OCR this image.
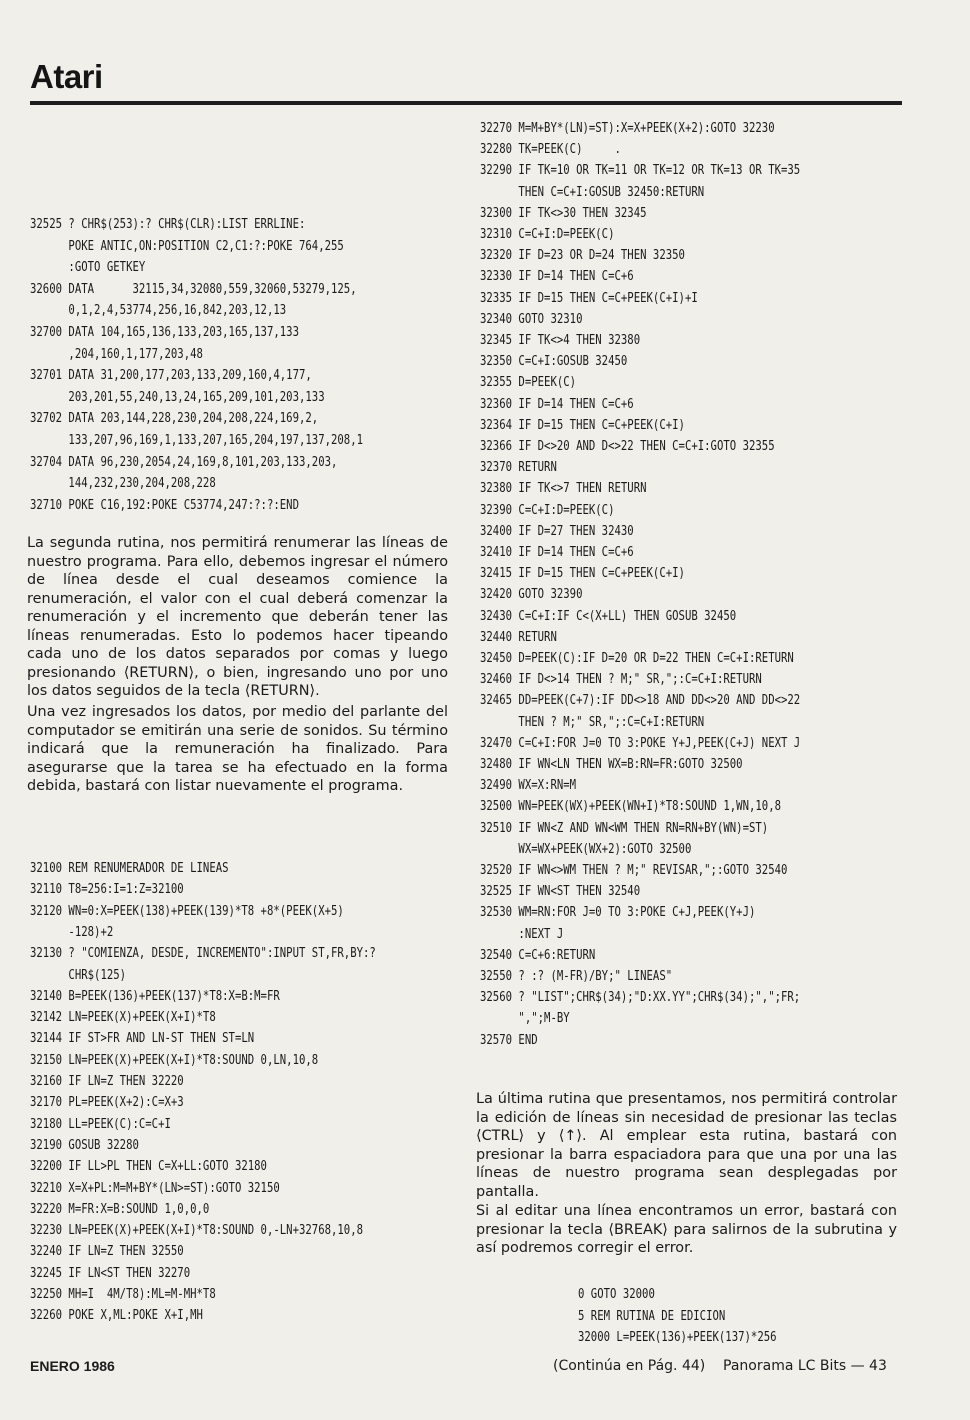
Atari
32525 ? CHR$(253):? CHR$(CLR):LIST ERRLINE:
POKE ANTIC,ON:POSITION C2,C1:?:POKE 764,255
:GOTO GETKEY
32600 DATA      32115,34,32080,559,32060,53279,125,
0,1,2,4,53774,256,16,842,203,12,13
32700 DATA 104,165,136,133,203,165,137,133
,204,160,1,177,203,48
32701 DATA 31,200,177,203,133,209,160,4,177,
203,201,55,240,13,24,165,209,101,203,133
32702 DATA 203,144,228,230,204,208,224,169,2,
133,207,96,169,1,133,207,165,204,197,137,208,1
32704 DATA 96,230,2054,24,169,8,101,203,133,203,
144,232,230,204,208,228
32710 POKE C16,192:POKE C53774,247:?:?:END

La segunda rutina, nos permitirá renumerar las líneas de nuestro programa. Para ello, debemos ingresar el número de línea desde el cual deseamos comience la renumeración, el valor con el cual deberá comenzar la renumeración y el incremento que deberán tener las líneas renumeradas. Esto lo podemos hacer tipeando cada uno de los datos separados por comas y luego presionando ⟨RETURN⟩, o bien, ingresando uno por uno los datos seguidos de la tecla ⟨RETURN⟩.

Una vez ingresados los datos, por medio del parlante del computador se emitirán una serie de sonidos. Su término indicará que la remuneración ha finalizado. Para asegurarse que la tarea se ha efectuado en la forma debida, bastará con listar nuevamente el programa.

32100 REM RENUMERADOR DE LINEAS
32110 T8=256:I=1:Z=32100
32120 WN=0:X=PEEK(138)+PEEK(139)*T8 +8*(PEEK(X+5)
-128)+2
32130 ? "COMIENZA, DESDE, INCREMENTO":INPUT ST,FR,BY:?
CHR$(125)
32140 B=PEEK(136)+PEEK(137)*T8:X=B:M=FR
32142 LN=PEEK(X)+PEEK(X+I)*T8
32144 IF ST>FR AND LN-ST THEN ST=LN
32150 LN=PEEK(X)+PEEK(X+I)*T8:SOUND 0,LN,10,8
32160 IF LN=Z THEN 32220
32170 PL=PEEK(X+2):C=X+3
32180 LL=PEEK(C):C=C+I
32190 GOSUB 32280
32200 IF LL>PL THEN C=X+LL:GOTO 32180
32210 X=X+PL:M=M+BY*(LN>=ST):GOTO 32150
32220 M=FR:X=B:SOUND 1,0,0,0
32230 LN=PEEK(X)+PEEK(X+I)*T8:SOUND 0,-LN+32768,10,8
32240 IF LN=Z THEN 32550
32245 IF LN<ST THEN 32270
32250 MH=I  4M/T8):ML=M-MH*T8
32260 POKE X,ML:POKE X+I,MH
32270 M=M+BY*(LN)=ST):X=X+PEEK(X+2):GOTO 32230
32280 TK=PEEK(C)     .
32290 IF TK=10 OR TK=11 OR TK=12 OR TK=13 OR TK=35
THEN C=C+I:GOSUB 32450:RETURN
32300 IF TK<>30 THEN 32345
32310 C=C+I:D=PEEK(C)
32320 IF D=23 OR D=24 THEN 32350
32330 IF D=14 THEN C=C+6
32335 IF D=15 THEN C=C+PEEK(C+I)+I
32340 GOTO 32310
32345 IF TK<>4 THEN 32380
32350 C=C+I:GOSUB 32450
32355 D=PEEK(C)
32360 IF D=14 THEN C=C+6
32364 IF D=15 THEN C=C+PEEK(C+I)
32366 IF D<>20 AND D<>22 THEN C=C+I:GOTO 32355
32370 RETURN
32380 IF TK<>7 THEN RETURN
32390 C=C+I:D=PEEK(C)
32400 IF D=27 THEN 32430
32410 IF D=14 THEN C=C+6
32415 IF D=15 THEN C=C+PEEK(C+I)
32420 GOTO 32390
32430 C=C+I:IF C<(X+LL) THEN GOSUB 32450
32440 RETURN
32450 D=PEEK(C):IF D=20 OR D=22 THEN C=C+I:RETURN
32460 IF D<>14 THEN ? M;" SR,";:C=C+I:RETURN
32465 DD=PEEK(C+7):IF DD<>18 AND DD<>20 AND DD<>22
THEN ? M;" SR,";:C=C+I:RETURN
32470 C=C+I:FOR J=0 TO 3:POKE Y+J,PEEK(C+J) NEXT J
32480 IF WN<LN THEN WX=B:RN=FR:GOTO 32500
32490 WX=X:RN=M
32500 WN=PEEK(WX)+PEEK(WN+I)*T8:SOUND 1,WN,10,8
32510 IF WN<Z AND WN<WM THEN RN=RN+BY(WN)=ST)
WX=WX+PEEK(WX+2):GOTO 32500
32520 IF WN<>WM THEN ? M;" REVISAR,";:GOTO 32540
32525 IF WN<ST THEN 32540
32530 WM=RN:FOR J=0 TO 3:POKE C+J,PEEK(Y+J)
:NEXT J
32540 C=C+6:RETURN
32550 ? :? (M-FR)/BY;" LINEAS"
32560 ? "LIST";CHR$(34);"D:XX.YY";CHR$(34);",";FR;
",";M-BY
32570 END

La última rutina que presentamos, nos permitirá controlar la edición de líneas sin necesidad de presionar las teclas ⟨CTRL⟩ y ⟨↑⟩. Al emplear esta rutina, bastará con presionar la barra espaciadora para que una por una las líneas de nuestro programa sean desplegadas por pantalla.

Si al editar una línea encontramos un error, bastará con presionar la tecla ⟨BREAK⟩ para salirnos de la subrutina y así podremos corregir el error.

0 GOTO 32000
5 REM RUTINA DE EDICION
32000 L=PEEK(136)+PEEK(137)*256
ENERO 1986	(Continúa en Pág. 44)    Panorama LC Bits — 43
